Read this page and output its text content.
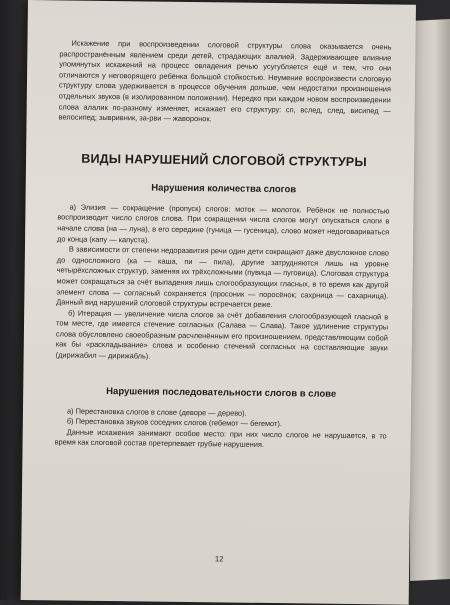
Искажение при воспроизведении слоговой структуры слова оказывается очень распространённым явлением среди детей, страдающих алалией. Задерживающее влияние упомянутых искажений на процесс овладения речью усугубляется ещё и тем, что они отличаются у неговорящего ребёнка большой стойкостью. Неумение воспроизвести слоговую структуру слова удерживается в процессе обучения дольше, чем недостатки произношения отдельных звуков (в изолированном положении). Нередко при каждом новом воспроизведении слова алалик по-разному изменяет, искажает его структуру: сп, вслед, след, висипед — велосипед; зывривник, за-рви — жаворонок.

ВИДЫ НАРУШЕНИЙ СЛОГОВОЙ СТРУКТУРЫ
Нарушения количества слогов

а) Элизия — сокращение (пропуск) слогов: моток — молоток. Ребёнок не полностью воспроизводит число слогов слова. При сокращении числа слогов могут опускаться слоги в начале слова (на — луна), в его середине (гуница — гусеница), слово может недоговариваться до конца (капу — капуста).

В зависимости от степени недоразвития речи один дети сокращают даже двусложное слово до односложного (ка — каша, пи — пила), другие затрудняются лишь на уровне четырёхсложных структур, заменяя их трёхсложными (пувица — пуговица). Слоговая структура может сокращаться за счёт выпадения лишь слогообразующих гласных, в то время как другой элемент слова — согласный сохраняется (просоник — поросёнок; сахрница — сахарница). Данный вид нарушений слоговой структуры встречается реже.

б) Итерация — увеличение числа слогов за счёт добавления слогообразующей гласной в том месте, где имеется стечение согласных (Салава — Слава). Такое удлинение структуры слова обусловлено своеобразным расчленённым его произношением, представляющим собой как бы «раскладывание» слова и особенно стечений согласных на составляющие звуки (дирижабил — дирижабль).

Нарушения последовательности слогов в слове

а) Перестановка слогов в слове (деворе — дерево).

б) Перестановка звуков соседних слогов (гебемот — бегемот).

Данные искажения занимают особое место: при них число слогов не нарушается, в то время как слоговой состав претерпевает грубые нарушения.

12
